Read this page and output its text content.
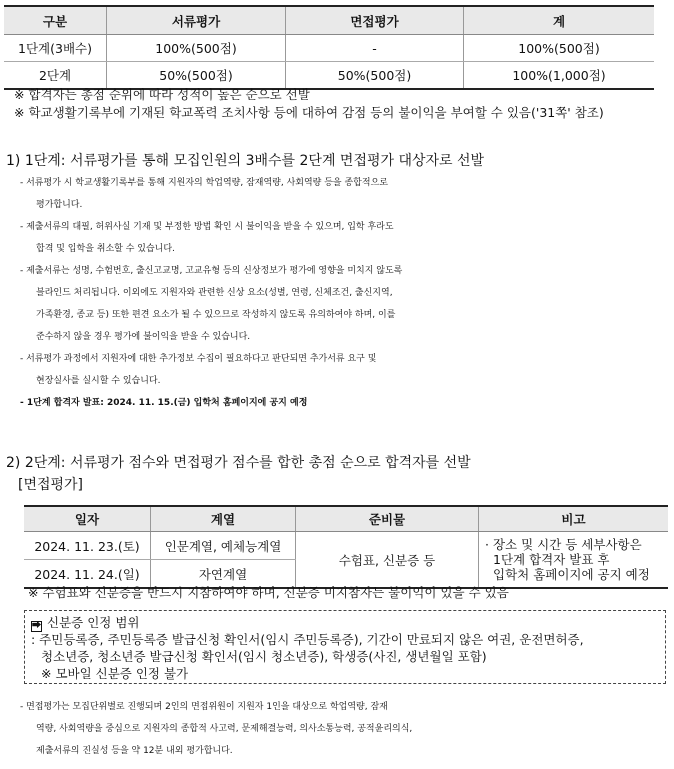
구분	서류평가	면접평가	계
1단계(3배수)	100%(500점)	-	100%(500점)
2단계	50%(500점)	50%(500점)	100%(1,000점)
※ 합격자는 총점 순위에 따라 성적이 높은 순으로 선발
※ 학교생활기록부에 기재된 학교폭력 조치사항 등에 대하여 감점 등의 불이익을 부여할 수 있음('31쪽' 참조)
1) 1단계: 서류평가를 통해 모집인원의 3배수를 2단계 면접평가 대상자로 선발
- 서류평가 시 학교생활기록부를 통해 지원자의 학업역량, 잠재역량, 사회역량 등을 종합적으로
평가합니다.
- 제출서류의 대필, 허위사실 기재 및 부정한 방법 확인 시 불이익을 받을 수 있으며, 입학 후라도
합격 및 입학을 취소할 수 있습니다.
- 제출서류는 성명, 수험번호, 출신고교명, 고교유형 등의 신상정보가 평가에 영향을 미치지 않도록
블라인드 처리됩니다. 이외에도 지원자와 관련한 신상 요소(성별, 연령, 신체조건, 출신지역,
가족환경, 종교 등) 또한 편견 요소가 될 수 있으므로 작성하지 않도록 유의하여야 하며, 이를
준수하지 않을 경우 평가에 불이익을 받을 수 있습니다.
- 서류평가 과정에서 지원자에 대한 추가정보 수집이 필요하다고 판단되면 추가서류 요구 및
현장실사를 실시할 수 있습니다.
- 1단계 합격자 발표: 2024. 11. 15.(금) 입학처 홈페이지에 공지 예정
2) 2단계: 서류평가 점수와 면접평가 점수를 합한 총점 순으로 합격자를 선발
[면접평가]
일자	계열	준비물	비고
2024. 11. 23.(토)	인문계열, 예체능계열	수험표, 신분증 등	· 장소 및 시간 등 세부사항은
1단계 합격자 발표 후
입학처 홈페이지에 공지 예정

2024. 11. 24.(일)	자연계열		
※ 수험표와 신분증을 반드시 지참하여야 하며, 신분증 미지참자는 불이익이 있을 수 있음
⮕ 신분증 인정 범위
: 주민등록증, 주민등록증 발급신청 확인서(임시 주민등록증), 기간이 만료되지 않은 여권, 운전면허증,
청소년증, 청소년증 발급신청 확인서(임시 청소년증), 학생증(사진, 생년월일 포함)
※ 모바일 신분증 인정 불가
- 면접평가는 모집단위별로 진행되며 2인의 면접위원이 지원자 1인을 대상으로 학업역량, 잠재
역량, 사회역량을 중심으로 지원자의 종합적 사고력, 문제해결능력, 의사소통능력, 공적윤리의식,
제출서류의 진실성 등을 약 12분 내외 평가합니다.
